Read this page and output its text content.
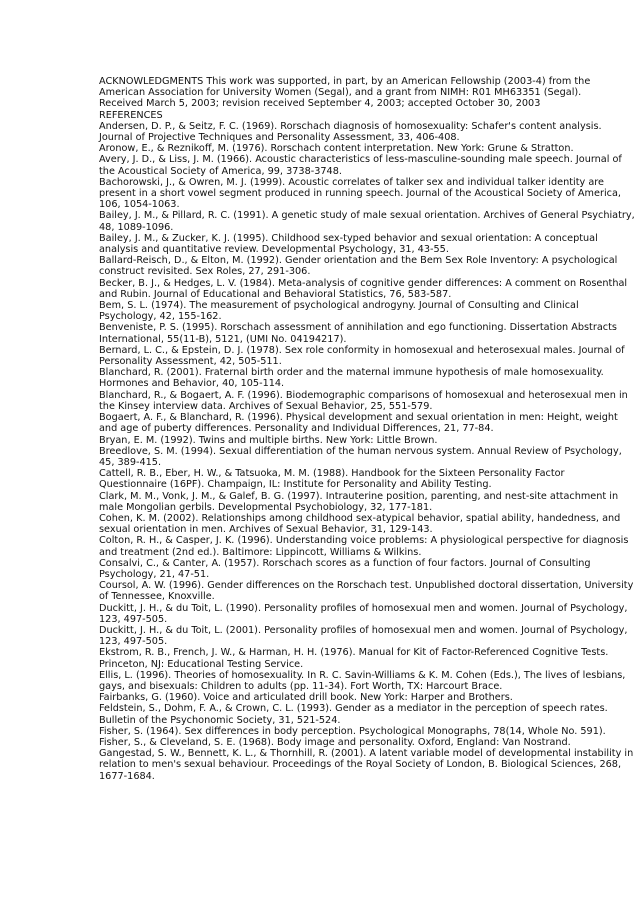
ACKNOWLEDGMENTS This work was supported, in part, by an American Fellowship (2003-4) from the
American Association for University Women (Segal), and a grant from NIMH: R01 MH63351 (Segal).
Received March 5, 2003; revision received September 4, 2003; accepted October 30, 2003
REFERENCES
Andersen, D. P., & Seitz, F. C. (1969). Rorschach diagnosis of homosexuality: Schafer's content analysis.
Journal of Projective Techniques and Personality Assessment, 33, 406-408.
Aronow, E., & Reznikoff, M. (1976). Rorschach content interpretation. New York: Grune & Stratton.
Avery, J. D., & Liss, J. M. (1966). Acoustic characteristics of less-masculine-sounding male speech. Journal of
the Acoustical Society of America, 99, 3738-3748.
Bachorowski, J., & Owren, M. J. (1999). Acoustic correlates of talker sex and individual talker identity are
present in a short vowel segment produced in running speech. Journal of the Acoustical Society of America,
106, 1054-1063.
Bailey, J. M., & Pillard, R. C. (1991). A genetic study of male sexual orientation. Archives of General Psychiatry,
48, 1089-1096.
Bailey, J. M., & Zucker, K. J. (1995). Childhood sex-typed behavior and sexual orientation: A conceptual
analysis and quantitative review. Developmental Psychology, 31, 43-55.
Ballard-Reisch, D., & Elton, M. (1992). Gender orientation and the Bem Sex Role Inventory: A psychological
construct revisited. Sex Roles, 27, 291-306.
Becker, B. J., & Hedges, L. V. (1984). Meta-analysis of cognitive gender differences: A comment on Rosenthal
and Rubin. Journal of Educational and Behavioral Statistics, 76, 583-587.
Bem, S. L. (1974). The measurement of psychological androgyny. Journal of Consulting and Clinical
Psychology, 42, 155-162.
Benveniste, P. S. (1995). Rorschach assessment of annihilation and ego functioning. Dissertation Abstracts
International, 55(11-B), 5121, (UMI No. 04194217).
Bernard, L. C., & Epstein, D. J. (1978). Sex role conformity in homosexual and heterosexual males. Journal of
Personality Assessment, 42, 505-511.
Blanchard, R. (2001). Fraternal birth order and the maternal immune hypothesis of male homosexuality.
Hormones and Behavior, 40, 105-114.
Blanchard, R., & Bogaert, A. F. (1996). Biodemographic comparisons of homosexual and heterosexual men in
the Kinsey interview data. Archives of Sexual Behavior, 25, 551-579.
Bogaert, A. F., & Blanchard, R. (1996). Physical development and sexual orientation in men: Height, weight
and age of puberty differences. Personality and Individual Differences, 21, 77-84.
Bryan, E. M. (1992). Twins and multiple births. New York: Little Brown.
Breedlove, S. M. (1994). Sexual differentiation of the human nervous system. Annual Review of Psychology,
45, 389-415.
Cattell, R. B., Eber, H. W., & Tatsuoka, M. M. (1988). Handbook for the Sixteen Personality Factor
Questionnaire (16PF). Champaign, IL: Institute for Personality and Ability Testing.
Clark, M. M., Vonk, J. M., & Galef, B. G. (1997). Intrauterine position, parenting, and nest-site attachment in
male Mongolian gerbils. Developmental Psychobiology, 32, 177-181.
Cohen, K. M. (2002). Relationships among childhood sex-atypical behavior, spatial ability, handedness, and
sexual orientation in men. Archives of Sexual Behavior, 31, 129-143.
Colton, R. H., & Casper, J. K. (1996). Understanding voice problems: A physiological perspective for diagnosis
and treatment (2nd ed.). Baltimore: Lippincott, Williams & Wilkins.
Consalvi, C., & Canter, A. (1957). Rorschach scores as a function of four factors. Journal of Consulting
Psychology, 21, 47-51.
Coursol, A. W. (1996). Gender differences on the Rorschach test. Unpublished doctoral dissertation, University
of Tennessee, Knoxville.
Duckitt, J. H., & du Toit, L. (1990). Personality profiles of homosexual men and women. Journal of Psychology,
123, 497-505.
Duckitt, J. H., & du Toit, L. (2001). Personality profiles of homosexual men and women. Journal of Psychology,
123, 497-505.
Ekstrom, R. B., French, J. W., & Harman, H. H. (1976). Manual for Kit of Factor-Referenced Cognitive Tests.
Princeton, NJ: Educational Testing Service.
Ellis, L. (1996). Theories of homosexuality. In R. C. Savin-Williams & K. M. Cohen (Eds.), The lives of lesbians,
gays, and bisexuals: Children to adults (pp. 11-34). Fort Worth, TX: Harcourt Brace.
Fairbanks, G. (1960). Voice and articulated drill book. New York: Harper and Brothers.
Feldstein, S., Dohm, F. A., & Crown, C. L. (1993). Gender as a mediator in the perception of speech rates.
Bulletin of the Psychonomic Society, 31, 521-524.
Fisher, S. (1964). Sex differences in body perception. Psychological Monographs, 78(14, Whole No. 591).
Fisher, S., & Cleveland, S. E. (1968). Body image and personality. Oxford, England: Van Nostrand.
Gangestad, S. W., Bennett, K. L., & Thornhill, R. (2001). A latent variable model of developmental instability in
relation to men's sexual behaviour. Proceedings of the Royal Society of London, B. Biological Sciences, 268,
1677-1684.
